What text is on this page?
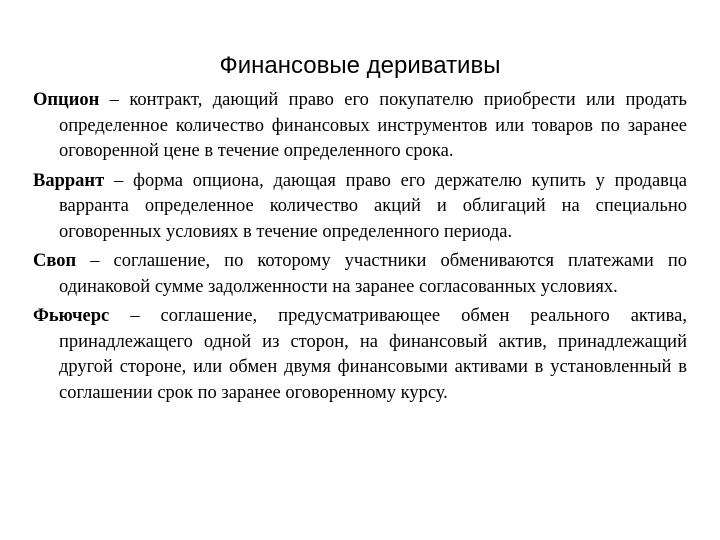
Финансовые деривативы

Опцион – контракт, дающий право его покупателю приобрести или продать определенное количество финансовых инструментов или товаров по заранее оговоренной цене в течение определенного срока.

Варрант – форма опциона, дающая право его держателю купить у продавца варранта определенное количество акций и облигаций на специально оговоренных условиях в течение определенного периода.

Своп – соглашение, по которому участники обмениваются платежами по одинаковой сумме задолженности на заранее согласованных условиях.

Фьючерс – соглашение, предусматривающее обмен реального актива, принадлежащего одной из сторон, на финансовый актив, принадлежащий другой стороне, или обмен двумя финансовыми активами в установленный в соглашении срок по заранее оговоренному курсу.
